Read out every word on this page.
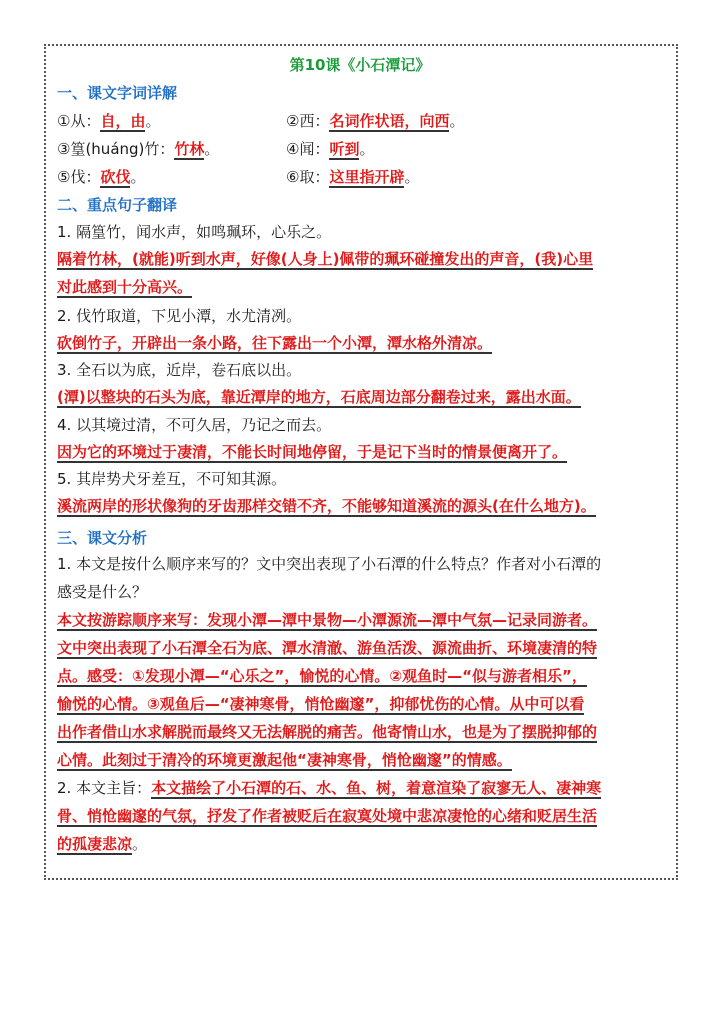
第10课《小石潭记》
一、课文字词详解
①从：自，由。	②西：名词作状语，向西。
③篁(huáng)竹：竹林。	④闻：听到。
⑤伐：砍伐。	⑥取：这里指开辟。
二、重点句子翻译
1. 隔篁竹，闻水声，如鸣珮环，心乐之。
隔着竹林，(就能)听到水声，好像(人身上)佩带的珮环碰撞发出的声音，(我)心里
对此感到十分高兴。
2. 伐竹取道，下见小潭，水尤清冽。
砍倒竹子，开辟出一条小路，往下露出一个小潭，潭水格外清凉。
3. 全石以为底，近岸，卷石底以出。
(潭)以整块的石头为底，靠近潭岸的地方，石底周边部分翻卷过来，露出水面。
4. 以其境过清，不可久居，乃记之而去。
因为它的环境过于凄清，不能长时间地停留，于是记下当时的情景便离开了。
5. 其岸势犬牙差互，不可知其源。
溪流两岸的形状像狗的牙齿那样交错不齐，不能够知道溪流的源头(在什么地方)。
三、课文分析
1. 本文是按什么顺序来写的？文中突出表现了小石潭的什么特点？作者对小石潭的
感受是什么？
本文按游踪顺序来写：发现小潭—潭中景物—小潭源流—潭中气氛—记录同游者。
文中突出表现了小石潭全石为底、潭水清澈、游鱼活泼、源流曲折、环境凄清的特
点。感受：①发现小潭—“心乐之”，愉悦的心情。②观鱼时—“似与游者相乐”，
愉悦的心情。③观鱼后—“凄神寒骨，悄怆幽邃”，抑郁忧伤的心情。从中可以看
出作者借山水求解脱而最终又无法解脱的痛苦。他寄情山水，也是为了摆脱抑郁的
心情。此刻过于清冷的环境更激起他“凄神寒骨，悄怆幽邃”的情感。
2. 本文主旨：本文描绘了小石潭的石、水、鱼、树，着意渲染了寂寥无人、凄神寒
骨、悄怆幽邃的气氛，抒发了作者被贬后在寂寞处境中悲凉凄怆的心绪和贬居生活
的孤凄悲凉。
